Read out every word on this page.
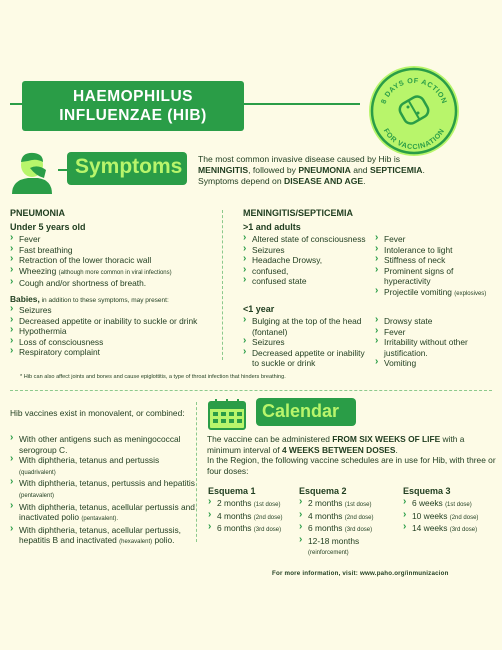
HAEMOPHILUS
INFLUENZAE (HIB)
8 DAYS OF ACTION
FOR VACCINATION
Symptoms	The most common invasive disease caused by Hib is
MENINGITIS, followed by PNEUMONIA and SEPTICEMIA.
Symptoms depend on DISEASE AND AGE.
PNEUMONIA
Under 5 years old
› Fever
› Fast breathing
› Retraction of the lower thoracic wall
› Wheezing (although more common in viral infections)
› Cough and/or shortness of breath.
Babies, in addition to these symptoms, may present:
› Seizures
› Decreased appetite or inability to suckle or drink
› Hypothermia
› Loss of consciousness
› Respiratory complaint
MENINGITIS/SEPTICEMIA
>1 and adults
› Altered state of consciousness
› Seizures
› Headache Drowsy,
› confused,
› confused state
› Fever
› Intolerance to light
› Stiffness of neck
› Prominent signs of hyperactivity
› Projectile vomiting (explosives)
<1 year
› Bulging at the top of the head (fontanel)
› Seizures
› Decreased appetite or inability to suckle or drink
› Drowsy state
› Fever
› Irritability without other justification.
› Vomiting
* Hib can also affect joints and bones and cause epiglottitis, a type of throat infection that hinders breathing.
Hib vaccines exist in monovalent, or combined:
› With other antigens such as meningococcal serogroup C.
› With diphtheria, tetanus and pertussis (quadrivalent)
› With diphtheria, tetanus, pertussis and hepatitis (pentavalent)
› With diphtheria, tetanus, acellular pertussis and inactivated polio (pentavalent).
› With diphtheria, tetanus, acellular pertussis, hepatitis B and inactivated (hexavalent) polio.
Calendar
The vaccine can be administered FROM SIX WEEKS OF LIFE with a minimum interval of 4 WEEKS BETWEEN DOSES.
In the Region, the following vaccine schedules are in use for Hib, with three or four doses:
Esquema 1
› 2 months (1st dose)
› 4 months (2nd dose)
› 6 months (3rd dose)
Esquema 2
› 2 months (1st dose)
› 4 months (2nd dose)
› 6 months (3rd dose)
› 12-18 months
(reinforcement)
Esquema 3
› 6 weeks (1st dose)
› 10 weeks (2nd dose)
› 14 weeks (3rd dose)
For more information, visit: www.paho.org/inmunizacion
